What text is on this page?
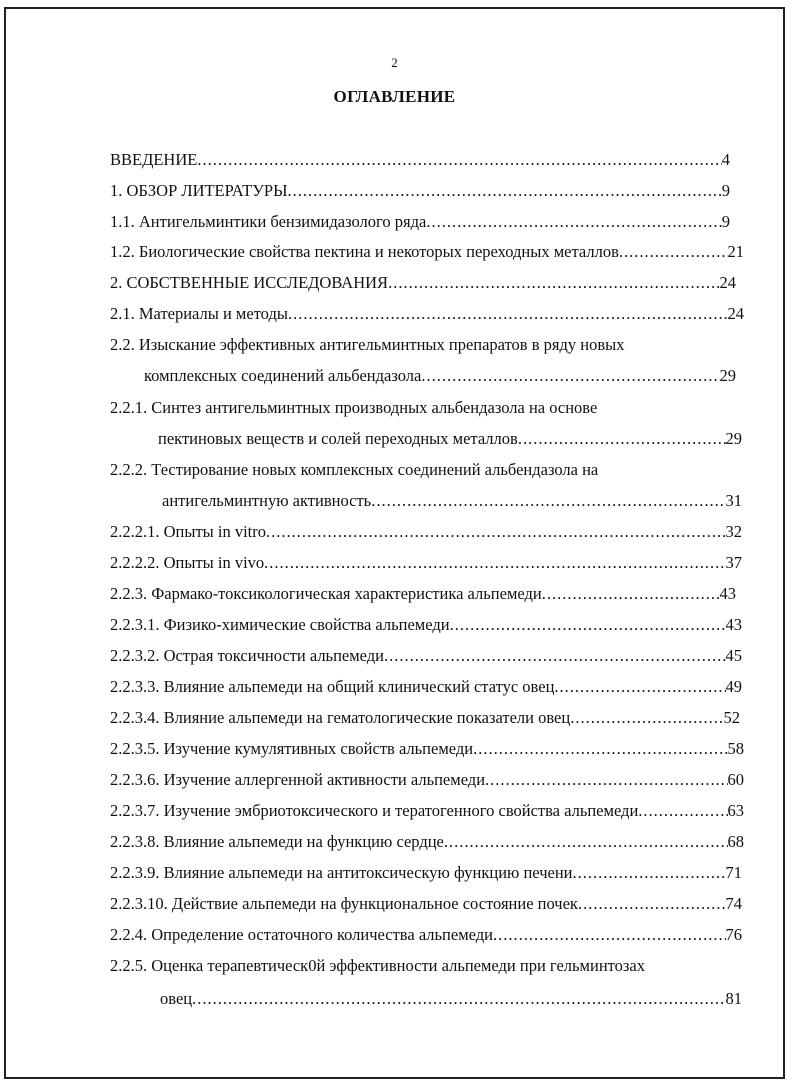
2
ОГЛАВЛЕНИЕ
ВВЕДЕНИЕ .....	4
1. ОБЗОР ЛИТЕРАТУРЫ .....	9
1.1. Антигельминтики бензимидазолого ряда .....	9
1.2. Биологические свойства пектина и некоторых переходных металлов .....	21
2. СОБСТВЕННЫЕ ИССЛЕДОВАНИЯ .....	24
2.1. Материалы и методы .....	24
2.2. Изыскание эффективных антигельминтных препаратов в ряду новых
комплексных соединений альбендазола .....	29
2.2.1. Синтез антигельминтных производных альбендазола на основе
пектиновых веществ и солей переходных металлов .....	29
2.2.2. Тестирование новых комплексных соединений альбендазола на
антигельминтную активность .....	31
2.2.2.1. Опыты in vitro .....	32
2.2.2.2. Опыты in vivo .....	37
2.2.3. Фармако-токсикологическая характеристика альпемеди .....	43
2.2.3.1. Физико-химические свойства альпемеди .....	43
2.2.3.2. Острая токсичности альпемеди .....	45
2.2.3.3. Влияние альпемеди на общий клинический статус овец .....	49
2.2.3.4. Влияние альпемеди на гематологические показатели овец .....	52
2.2.3.5. Изучение кумулятивных свойств альпемеди .....	58
2.2.3.6. Изучение аллергенной активности альпемеди .....	60
2.2.3.7. Изучение эмбриотоксического и тератогенного свойства альпемеди .....	63
2.2.3.8. Влияние альпемеди на функцию сердце .....	68
2.2.3.9. Влияние альпемеди на антитоксическую функцию печени .....	71
2.2.3.10. Действие альпемеди на функциональное состояние почек .....	74
2.2.4. Определение остаточного количества альпемеди .....	76
2.2.5. Оценка терапевтическ0й эффективности альпемеди при гельминтозах
овец .....	81
